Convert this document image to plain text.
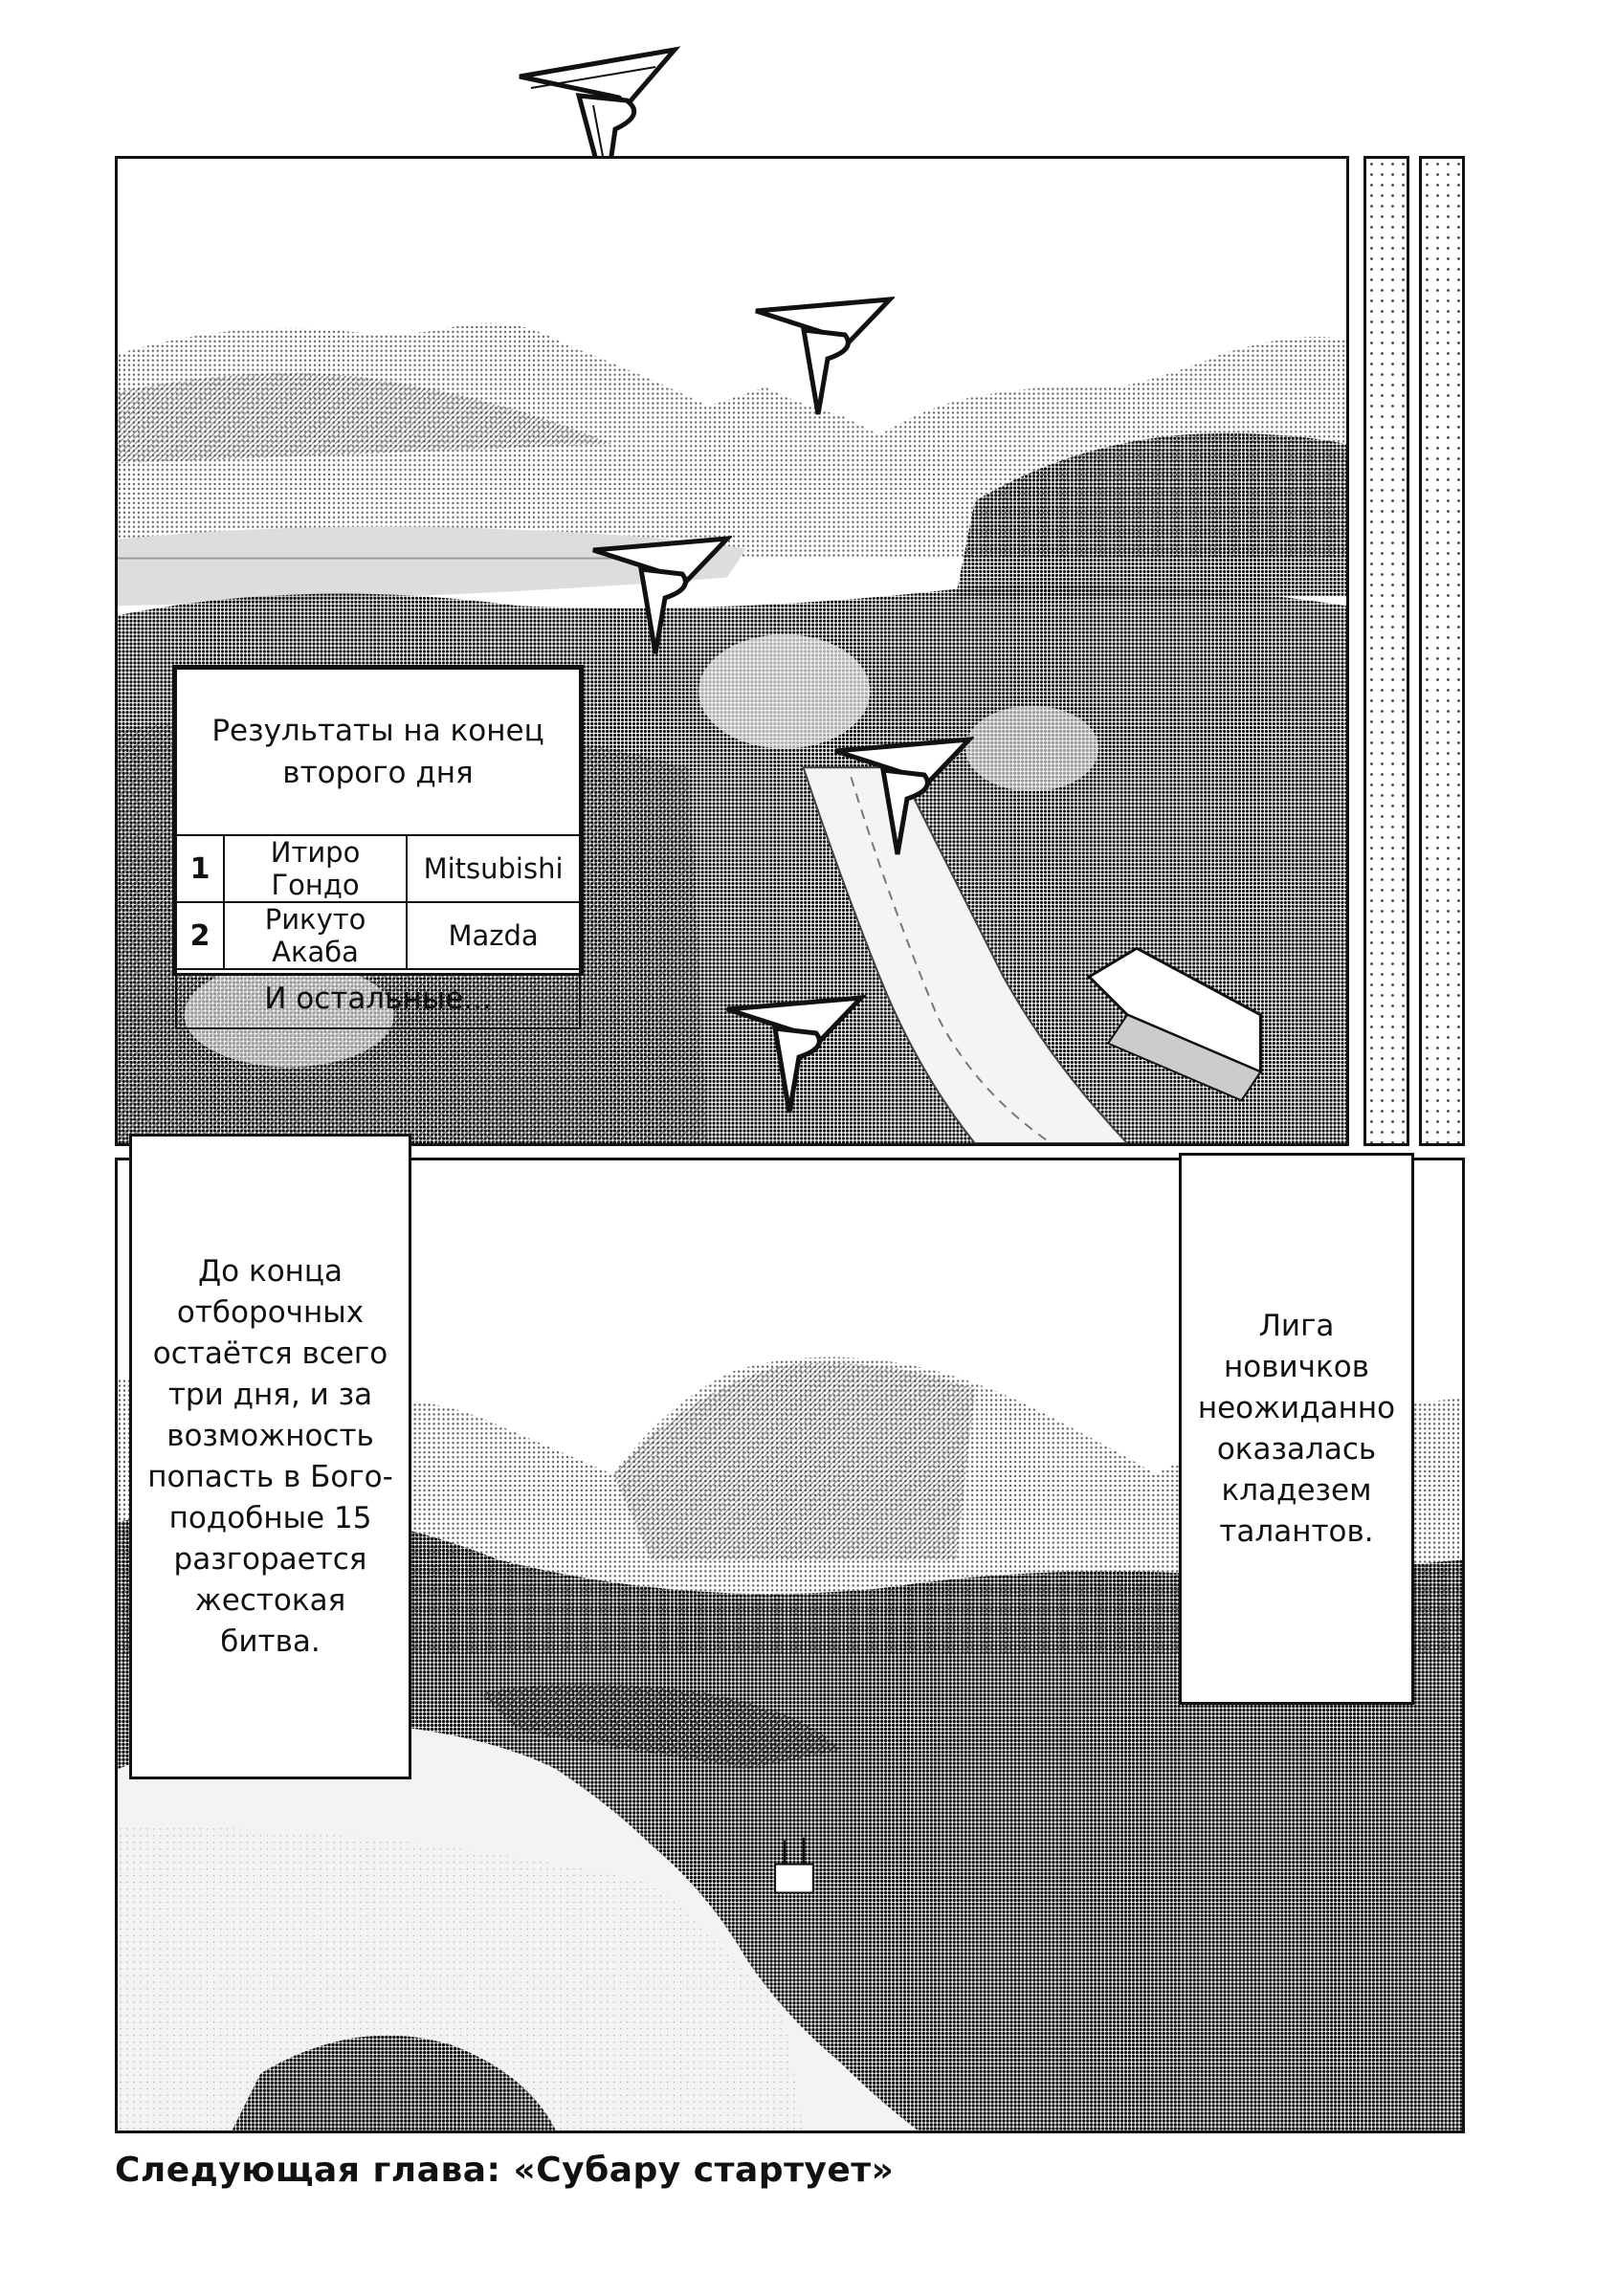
Результаты на конец второго дня		
1	Итиро Гондо	Mitsubishi
2	Рикуто Акаба	Mazda
И остальные...		
До конца отборочных остаётся всего три дня, и за возможность попасть в Бого-подобные 15 разгорается жестокая битва.
Лига новичков неожиданно оказалась кладезем талантов.
Следующая глава: «Субару стартует»
